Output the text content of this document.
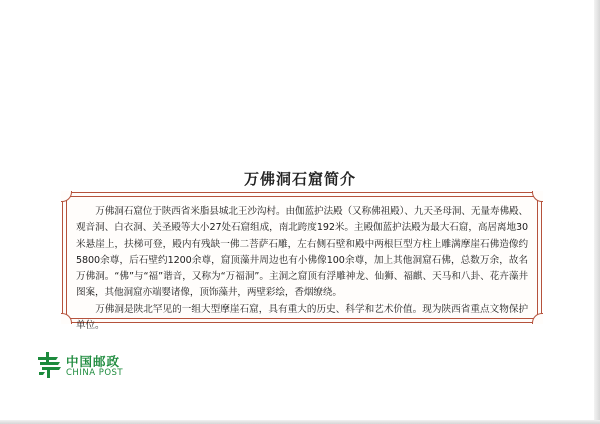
万佛洞石窟简介

万佛洞石窟位于陕西省米脂县城北王沙沟村。由伽蓝护法殿（又称佛祖殿）、九天圣母洞、无量寿佛殿、观音洞、白衣洞、关圣殿等大小27处石窟组成，南北跨度192米。主殿伽蓝护法殿为最大石窟，高居离地30米悬崖上，扶梯可登，殿内有残缺一佛二菩萨石雕，左右侧石壁和殿中两根巨型方柱上雕满摩崖石佛造像约5800余尊，后石壁约1200余尊，窟顶藻井周边也有小佛像100余尊，加上其他洞窟石佛，总数万余，故名万佛洞。“佛”与“福”谐音，又称为“万福洞”。主洞之窟顶有浮雕神龙、仙狮、福麒、天马和八卦、花卉藻井图案，其他洞窟亦端婴诸像，顶饰藻井，两壁彩绘，香烟缭绕。

万佛洞是陕北罕见的一组大型摩崖石窟，具有重大的历史、科学和艺术价值。现为陕西省重点文物保护单位。

中国邮政
CHINA POST
